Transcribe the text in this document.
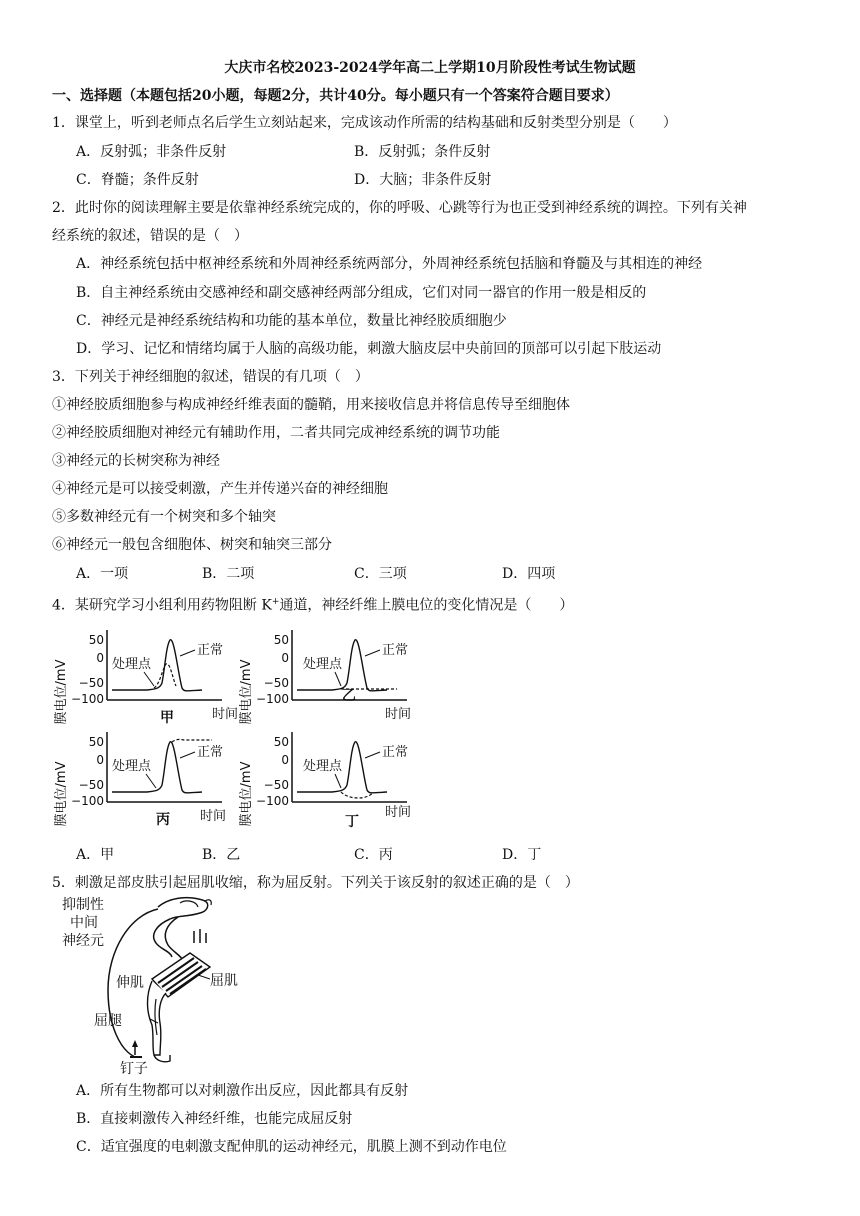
大庆市名校2023-2024学年高二上学期10月阶段性考试生物试题
一、选择题（本题包括20小题，每题2分，共计40分。每小题只有一个答案符合题目要求）
1．课堂上，听到老师点名后学生立刻站起来，完成该动作所需的结构基础和反射类型分别是（　　）
A．反射弧；非条件反射	B．反射弧；条件反射
C．脊髓；条件反射	D．大脑；非条件反射
2．此时你的阅读理解主要是依靠神经系统完成的，你的呼吸、心跳等行为也正受到神经系统的调控。下列有关神
经系统的叙述，错误的是（　）
A．神经系统包括中枢神经系统和外周神经系统两部分，外周神经系统包括脑和脊髓及与其相连的神经
B．自主神经系统由交感神经和副交感神经两部分组成，它们对同一器官的作用一般是相反的
C．神经元是神经系统结构和功能的基本单位，数量比神经胶质细胞少
D．学习、记忆和情绪均属于人脑的高级功能，刺激大脑皮层中央前回的顶部可以引起下肢运动
3．下列关于神经细胞的叙述，错误的有几项（　）
①神经胶质细胞参与构成神经纤维表面的髓鞘，用来接收信息并将信息传导至细胞体
②神经胶质细胞对神经元有辅助作用，二者共同完成神经系统的调节功能
③神经元的长树突称为神经
④神经元是可以接受刺激，产生并传递兴奋的神经细胞
⑤多数神经元有一个树突和多个轴突
⑥神经元一般包含细胞体、树突和轴突三部分
A．一项	B．二项	C．三项	D．四项
4．某研究学习小组利用药物阻断 K+通道，神经纤维上膜电位的变化情况是（　　）
膜电位/mV
50
0
−50
−100
处理点
正常
时间
甲	膜电位/mV
50
0
−50
−100
处理点
正常
时间
乙
膜电位/mV
50
0
−50
−100
处理点
正常
时间
丙	膜电位/mV
50
0
−50
−100
处理点
正常
时间
丁
A．甲	B．乙	C．丙	D．丁
5．刺激足部皮肤引起屈肌收缩，称为屈反射。下列关于该反射的叙述正确的是（　）
抑制性
中间
神经元
伸肌	屈肌
屈腿
钉子
A．所有生物都可以对刺激作出反应，因此都具有反射
B．直接刺激传入神经纤维，也能完成屈反射
C．适宜强度的电刺激支配伸肌的运动神经元，肌膜上测不到动作电位
